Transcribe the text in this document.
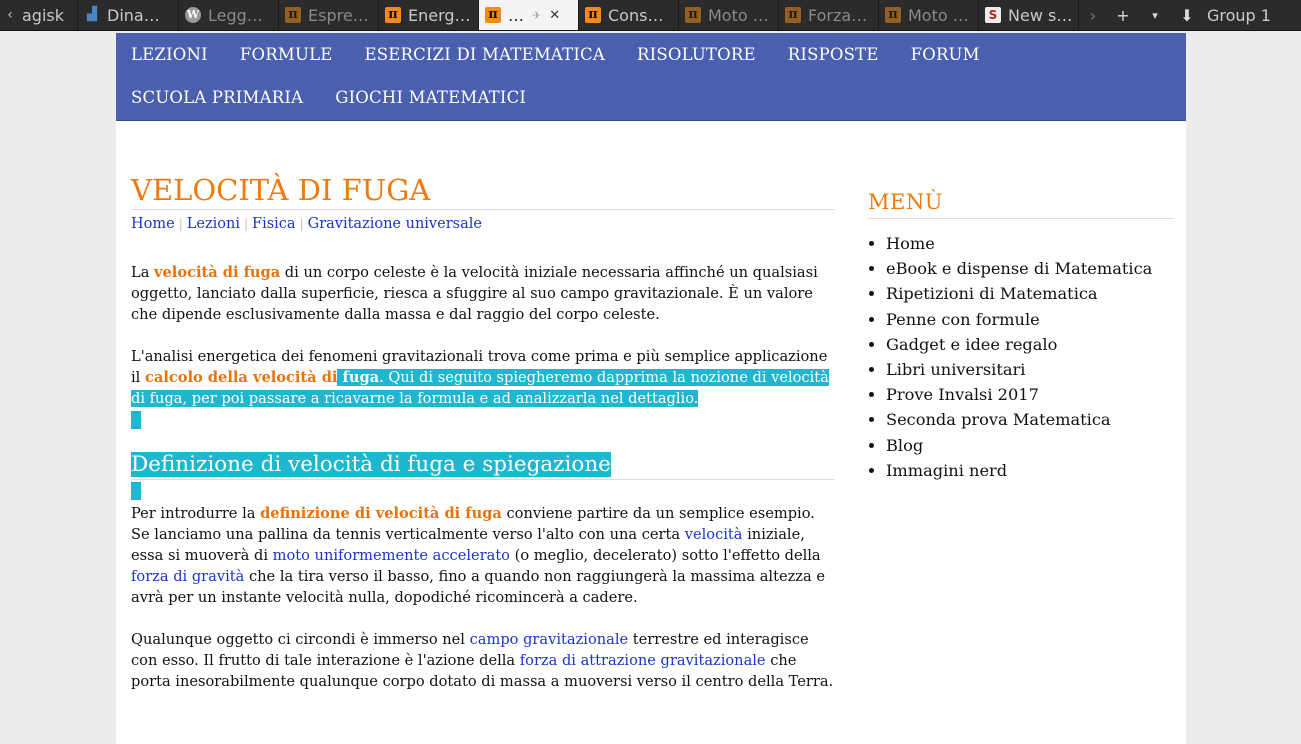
‹ agisk ▟ Dina… W Legg… π Espre… π Energ… π … ✈ ✕ π Cons… π Moto … π Forza… π Moto …	S New s…	›	+	▾	⬇ Group 1
LEZIONI FORMULE ESERCIZI DI MATEMATICA RISOLUTORE RISPOSTE FORUM
SCUOLA PRIMARIA GIOCHI MATEMATICI
VELOCITÀ DI FUGA
Home | Lezioni | Fisica | Gravitazione universale

La velocità di fuga di un corpo celeste è la velocità iniziale necessaria affinché un qualsiasi oggetto, lanciato dalla superficie, riesca a sfuggire al suo campo gravitazionale. È un valore che dipende esclusivamente dalla massa e dal raggio del corpo celeste.

L'analisi energetica dei fenomeni gravitazionali trova come prima e più semplice applicazione il calcolo della velocità di fuga. Qui di seguito spiegheremo dapprima la nozione di velocità di fuga, per poi passare a ricavarne la formula e ad analizzarla nel dettaglio.

Definizione di velocità di fuga e spiegazione

Per introdurre la definizione di velocità di fuga conviene partire da un semplice esempio. Se lanciamo una pallina da tennis verticalmente verso l'alto con una certa velocità iniziale, essa si muoverà di moto uniformemente accelerato (o meglio, decelerato) sotto l'effetto della forza di gravità che la tira verso il basso, fino a quando non raggiungerà la massima altezza e avrà per un instante velocità nulla, dopodiché ricomincerà a cadere.

Qualunque oggetto ci circondi è immerso nel campo gravitazionale terrestre ed interagisce con esso. Il frutto di tale interazione è l'azione della forza di attrazione gravitazionale che porta inesorabilmente qualunque corpo dotato di massa a muoversi verso il centro della Terra.

MENÙ
• Home
• eBook e dispense di Matematica
• Ripetizioni di Matematica
• Penne con formule
• Gadget e idee regalo
• Libri universitari
• Prove Invalsi 2017
• Seconda prova Matematica
• Blog
• Immagini nerd
